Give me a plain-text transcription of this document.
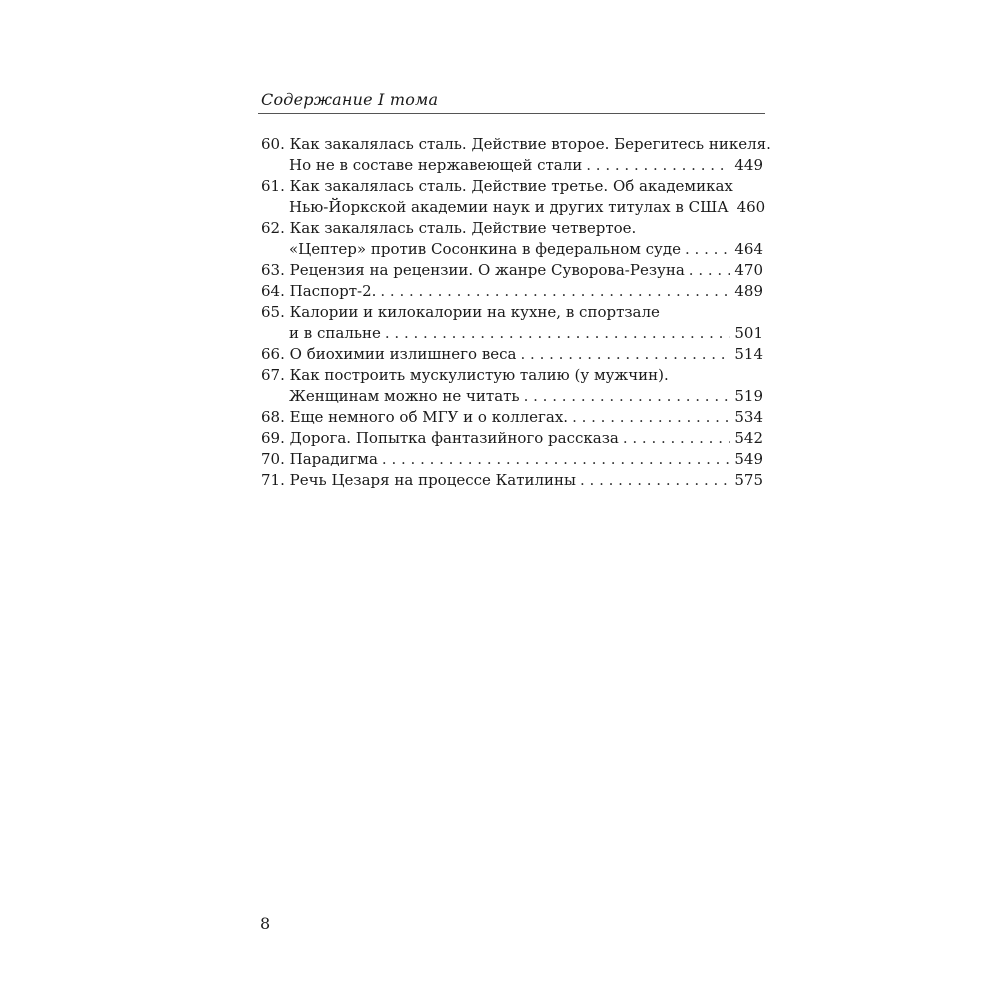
Содержание I тома
60. Как закалялась сталь. Действие второе. Берегитесь никеля.
Но не в составе нержавеющей стали . . .	449
61. Как закалялась сталь. Действие третье. Об академиках
Нью-Йоркской академии наук и других титулах в США 460
62. Как закалялась сталь. Действие четвертое.
«Цептер» против Сосонкина в федеральном суде . . .	464
63. Рецензия на рецензии. О жанре Суворова-Резуна . . .	470
64. Паспорт-2. . . .	489
65. Калории и килокалории на кухне, в спортзале
и в спальне . . .	501
66. О биохимии излишнего веса . . .	514
67. Как построить мускулистую талию (у мужчин).
Женщинам можно не читать . . .	519
68. Еще немного об МГУ и о коллегах. . . .	534
69. Дорога. Попытка фантазийного рассказа . . .	542
70. Парадигма . . .	549
71. Речь Цезаря на процессе Катилины . . .	575
8
